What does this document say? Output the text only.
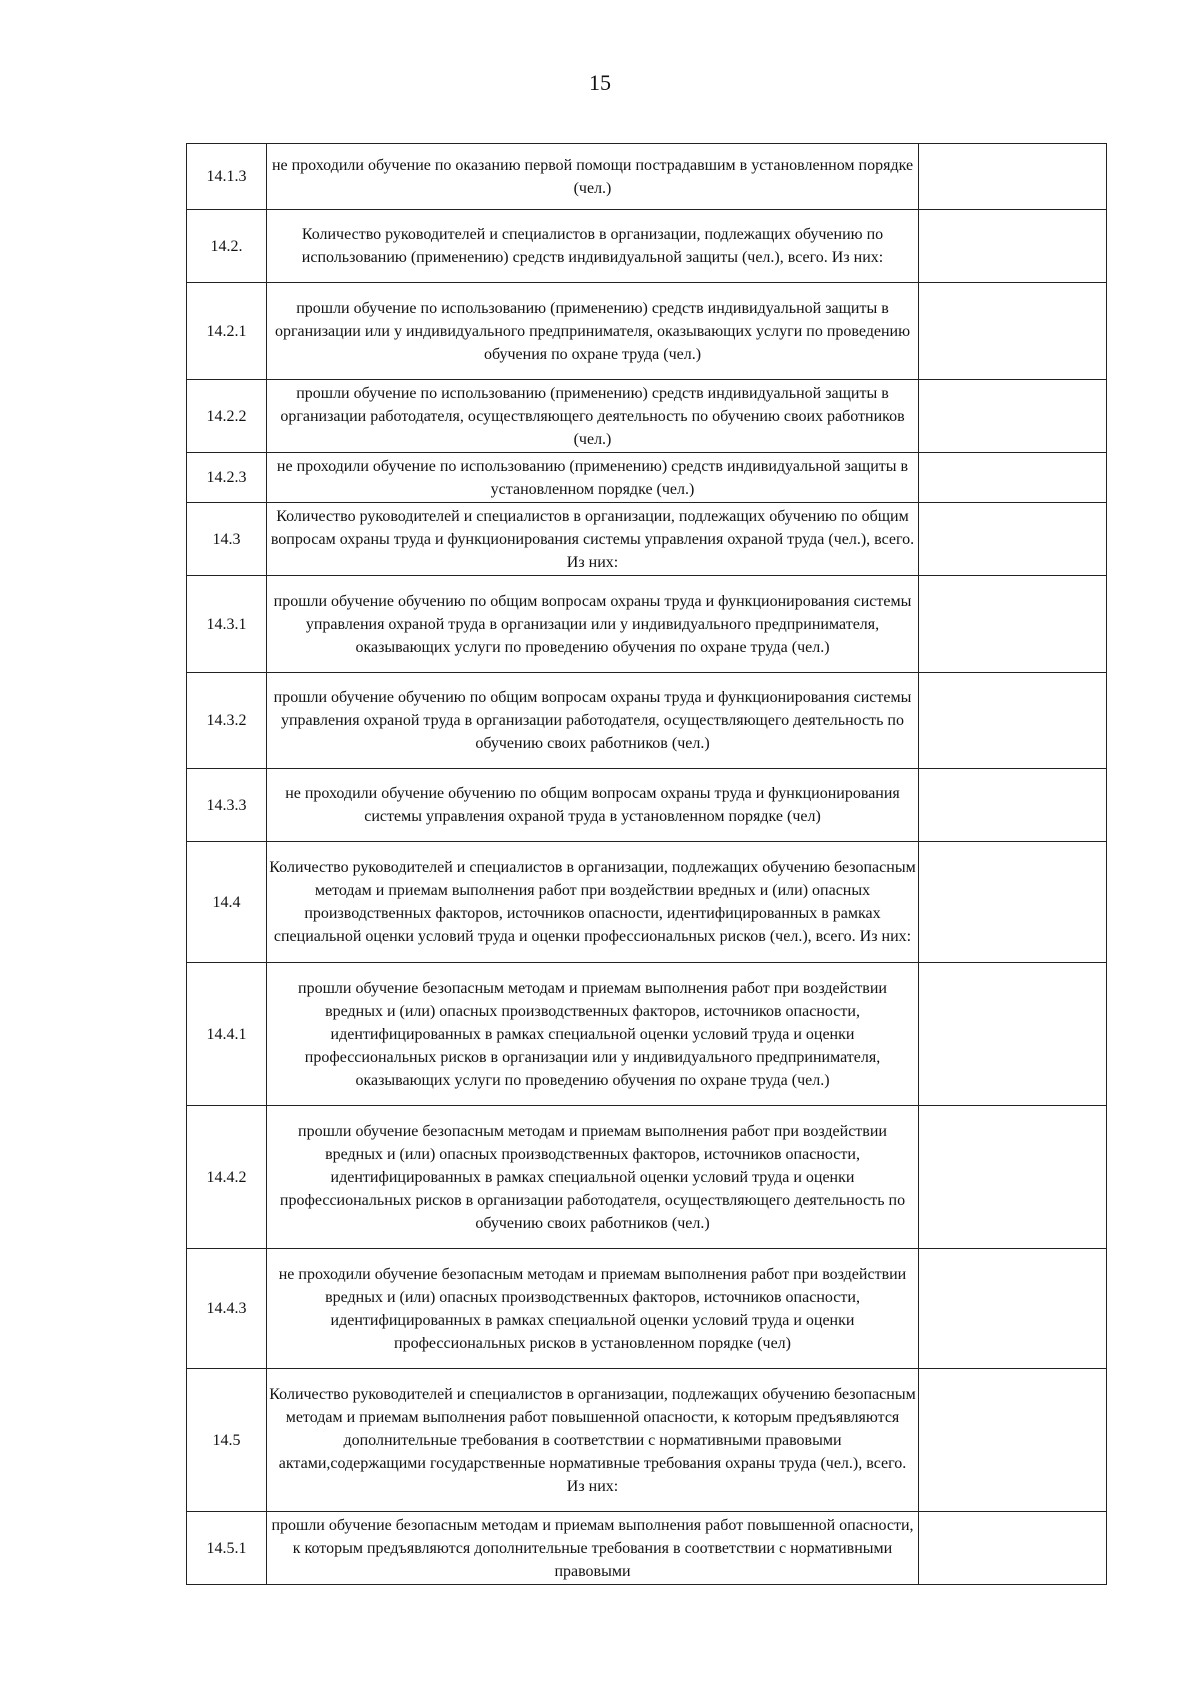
15
14.1.3	не проходили обучение по оказанию первой помощи пострадавшим в установленном порядке (чел.)	
14.2.	Количество руководителей и специалистов в организации, подлежащих обучению по использованию (применению) средств индивидуальной защиты (чел.), всего. Из них:	
14.2.1	прошли обучение по использованию (применению) средств индивидуальной защиты в организации или у индивидуального предпринимателя, оказывающих услуги по проведению обучения по охране труда (чел.)	
14.2.2	прошли обучение по использованию (применению) средств индивидуальной защиты в организации работодателя, осуществляющего деятельность по обучению своих работников (чел.)	
14.2.3	не проходили обучение по использованию (применению) средств индивидуальной защиты в установленном порядке (чел.)	
14.3	Количество руководителей и специалистов в организации, подлежащих обучению по общим вопросам охраны труда и функционирования системы управления охраной труда (чел.), всего. Из них:	
14.3.1	прошли обучение обучению по общим вопросам охраны труда и функционирования системы управления охраной труда в организации или у индивидуального предпринимателя, оказывающих услуги по проведению обучения по охране труда (чел.)	
14.3.2	прошли обучение обучению по общим вопросам охраны труда и функционирования системы управления охраной труда в организации работодателя, осуществляющего деятельность по обучению своих работников (чел.)	
14.3.3	не проходили обучение обучению по общим вопросам охраны труда и функционирования системы управления охраной труда в установленном порядке (чел)	
14.4	Количество руководителей и специалистов в организации, подлежащих обучению безопасным методам и приемам выполнения работ при воздействии вредных и (или) опасных производственных факторов, источников опасности, идентифицированных в рамках специальной оценки условий труда и оценки профессиональных рисков (чел.), всего. Из них:	
14.4.1	прошли обучение безопасным методам и приемам выполнения работ при воздействии вредных и (или) опасных производственных факторов, источников опасности, идентифицированных в рамках специальной оценки условий труда и оценки профессиональных рисков в организации или у индивидуального предпринимателя, оказывающих услуги по проведению обучения по охране труда (чел.)	
14.4.2	прошли обучение безопасным методам и приемам выполнения работ при воздействии вредных и (или) опасных производственных факторов, источников опасности, идентифицированных в рамках специальной оценки условий труда и оценки профессиональных рисков в организации работодателя, осуществляющего деятельность по обучению своих работников (чел.)	
14.4.3	не проходили обучение безопасным методам и приемам выполнения работ при воздействии вредных и (или) опасных производственных факторов, источников опасности, идентифицированных в рамках специальной оценки условий труда и оценки профессиональных рисков в установленном порядке (чел)	
14.5	Количество руководителей и специалистов в организации, подлежащих обучению безопасным методам и приемам выполнения работ повышенной опасности, к которым предъявляются дополнительные требования в соответствии с нормативными правовыми актами,содержащими государственные нормативные требования охраны труда (чел.), всего. Из них:	
14.5.1	прошли обучение безопасным методам и приемам выполнения работ повышенной опасности, к которым предъявляются дополнительные требования в соответствии с нормативными правовыми	
